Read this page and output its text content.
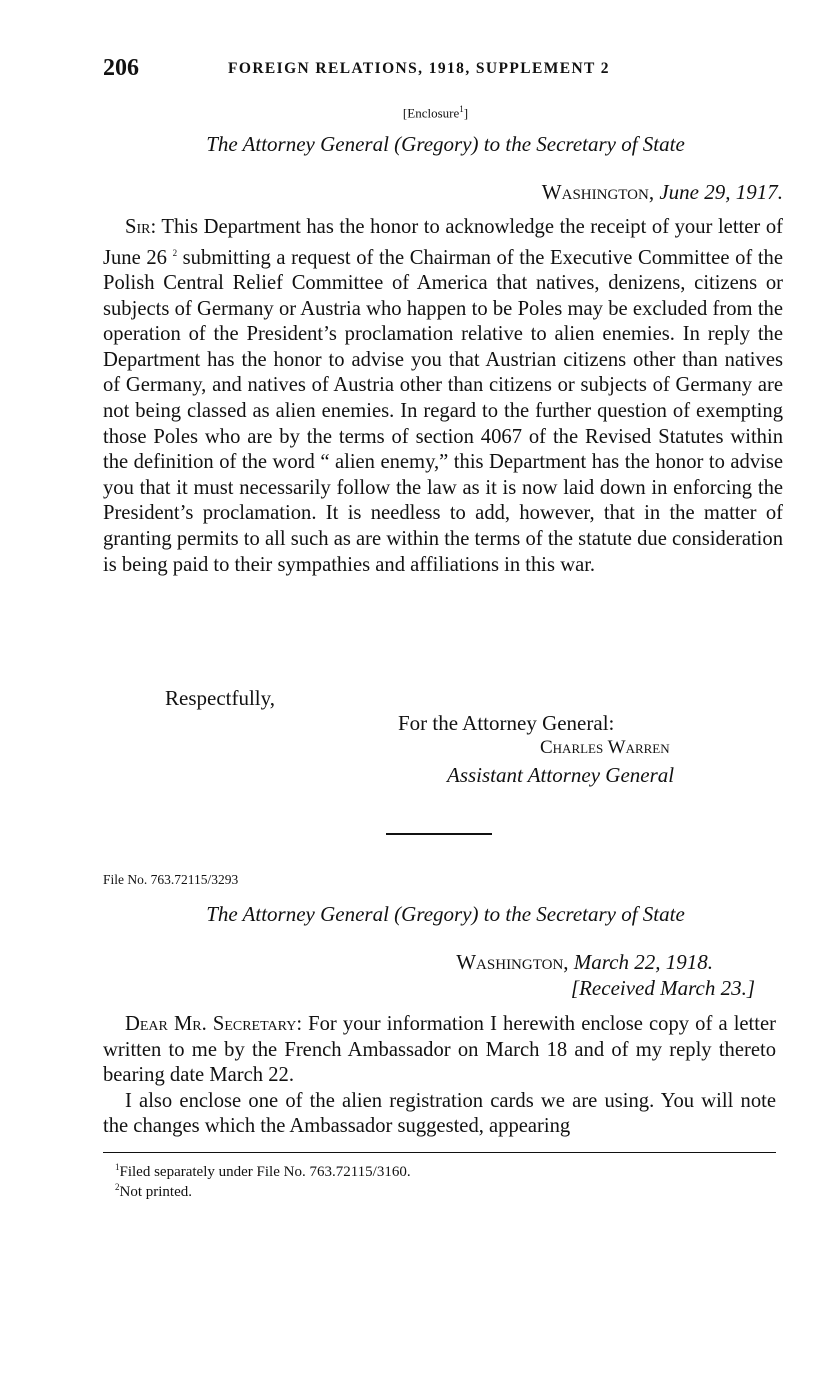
206	FOREIGN RELATIONS, 1918, SUPPLEMENT 2
[Enclosure$^1$]
The Attorney General (Gregory) to the Secretary of State
Washington, June 29, 1917.

Sir: This Department has the honor to acknowledge the receipt of your letter of June 26 $^2$ submitting a request of the Chairman of the Executive Committee of the Polish Central Relief Committee of America that natives, denizens, citizens or subjects of Germany or Austria who happen to be Poles may be excluded from the operation of the President’s proclamation relative to alien enemies. In reply the Department has the honor to advise you that Austrian citizens other than natives of Germany, and natives of Austria other than citizens or subjects of Germany are not being classed as alien enemies. In regard to the further question of exempting those Poles who are by the terms of section 4067 of the Revised Statutes within the definition of the word “ alien enemy,” this Department has the honor to advise you that it must necessarily follow the law as it is now laid down in enforcing the President’s proclamation. It is needless to add, however, that in the matter of granting permits to all such as are within the terms of the statute due consideration is being paid to their sympathies and affiliations in this war.

Respectfully,
For the Attorney General:
Charles Warren
Assistant Attorney General
File No. 763.72115/3293
The Attorney General (Gregory) to the Secretary of State
Washington, March 22, 1918.
[Received March 23.]

Dear Mr. Secretary: For your information I herewith enclose copy of a letter written to me by the French Ambassador on March 18 and of my reply thereto bearing date March 22.

I also enclose one of the alien registration cards we are using. You will note the changes which the Ambassador suggested, appearing

$^1$Filed separately under File No. 763.72115/3160.
$^2$Not printed.
